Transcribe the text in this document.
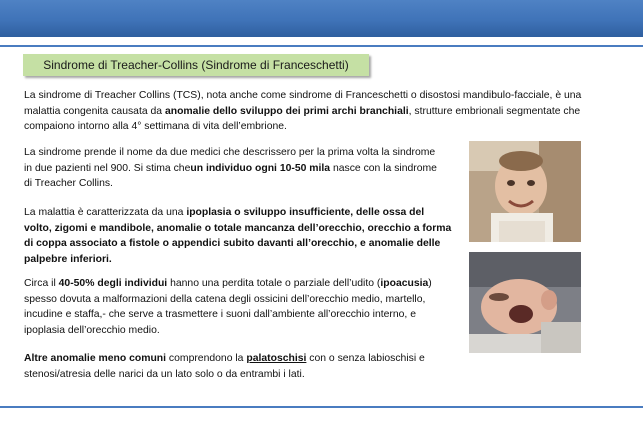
Sindrome di Treacher-Collins (Sindrome di Franceschetti)

La sindrome di Treacher Collins (TCS), nota anche come sindrome di Franceschetti o disostosi mandibulo-facciale, è una malattia congenita causata da anomalie dello sviluppo dei primi archi branchiali, strutture embrionali segmentate che compaiono intorno alla 4° settimana di vita dell’embrione.

La sindrome prende il nome da due medici che descrissero per la prima volta la sindrome in due pazienti nel 900. Si stima cheun individuo ogni 10-50 mila nasce con la sindrome di Treacher Collins.

La malattia è caratterizzata da una ipoplasia o sviluppo insufficiente, delle ossa del volto, zigomi e mandibole, anomalie o totale mancanza dell’orecchio, orecchio a forma di coppa associato a fistole o appendici subito davanti all’orecchio, e anomalie delle palpebre inferiori.

Circa il 40-50% degli individui hanno una perdita totale o parziale dell’udito (ipoacusia) spesso dovuta a malformazioni della catena degli ossicini dell’orecchio medio, martello, incudine e staffa,- che serve a trasmettere i suoni dall’ambiente all’orecchio interno, e ipoplasia dell’orecchio medio.

Altre anomalie meno comuni comprendono la palatoschisi con o senza labioschisi e stenosi/atresia delle narici da un lato solo o da entrambi i lati.
